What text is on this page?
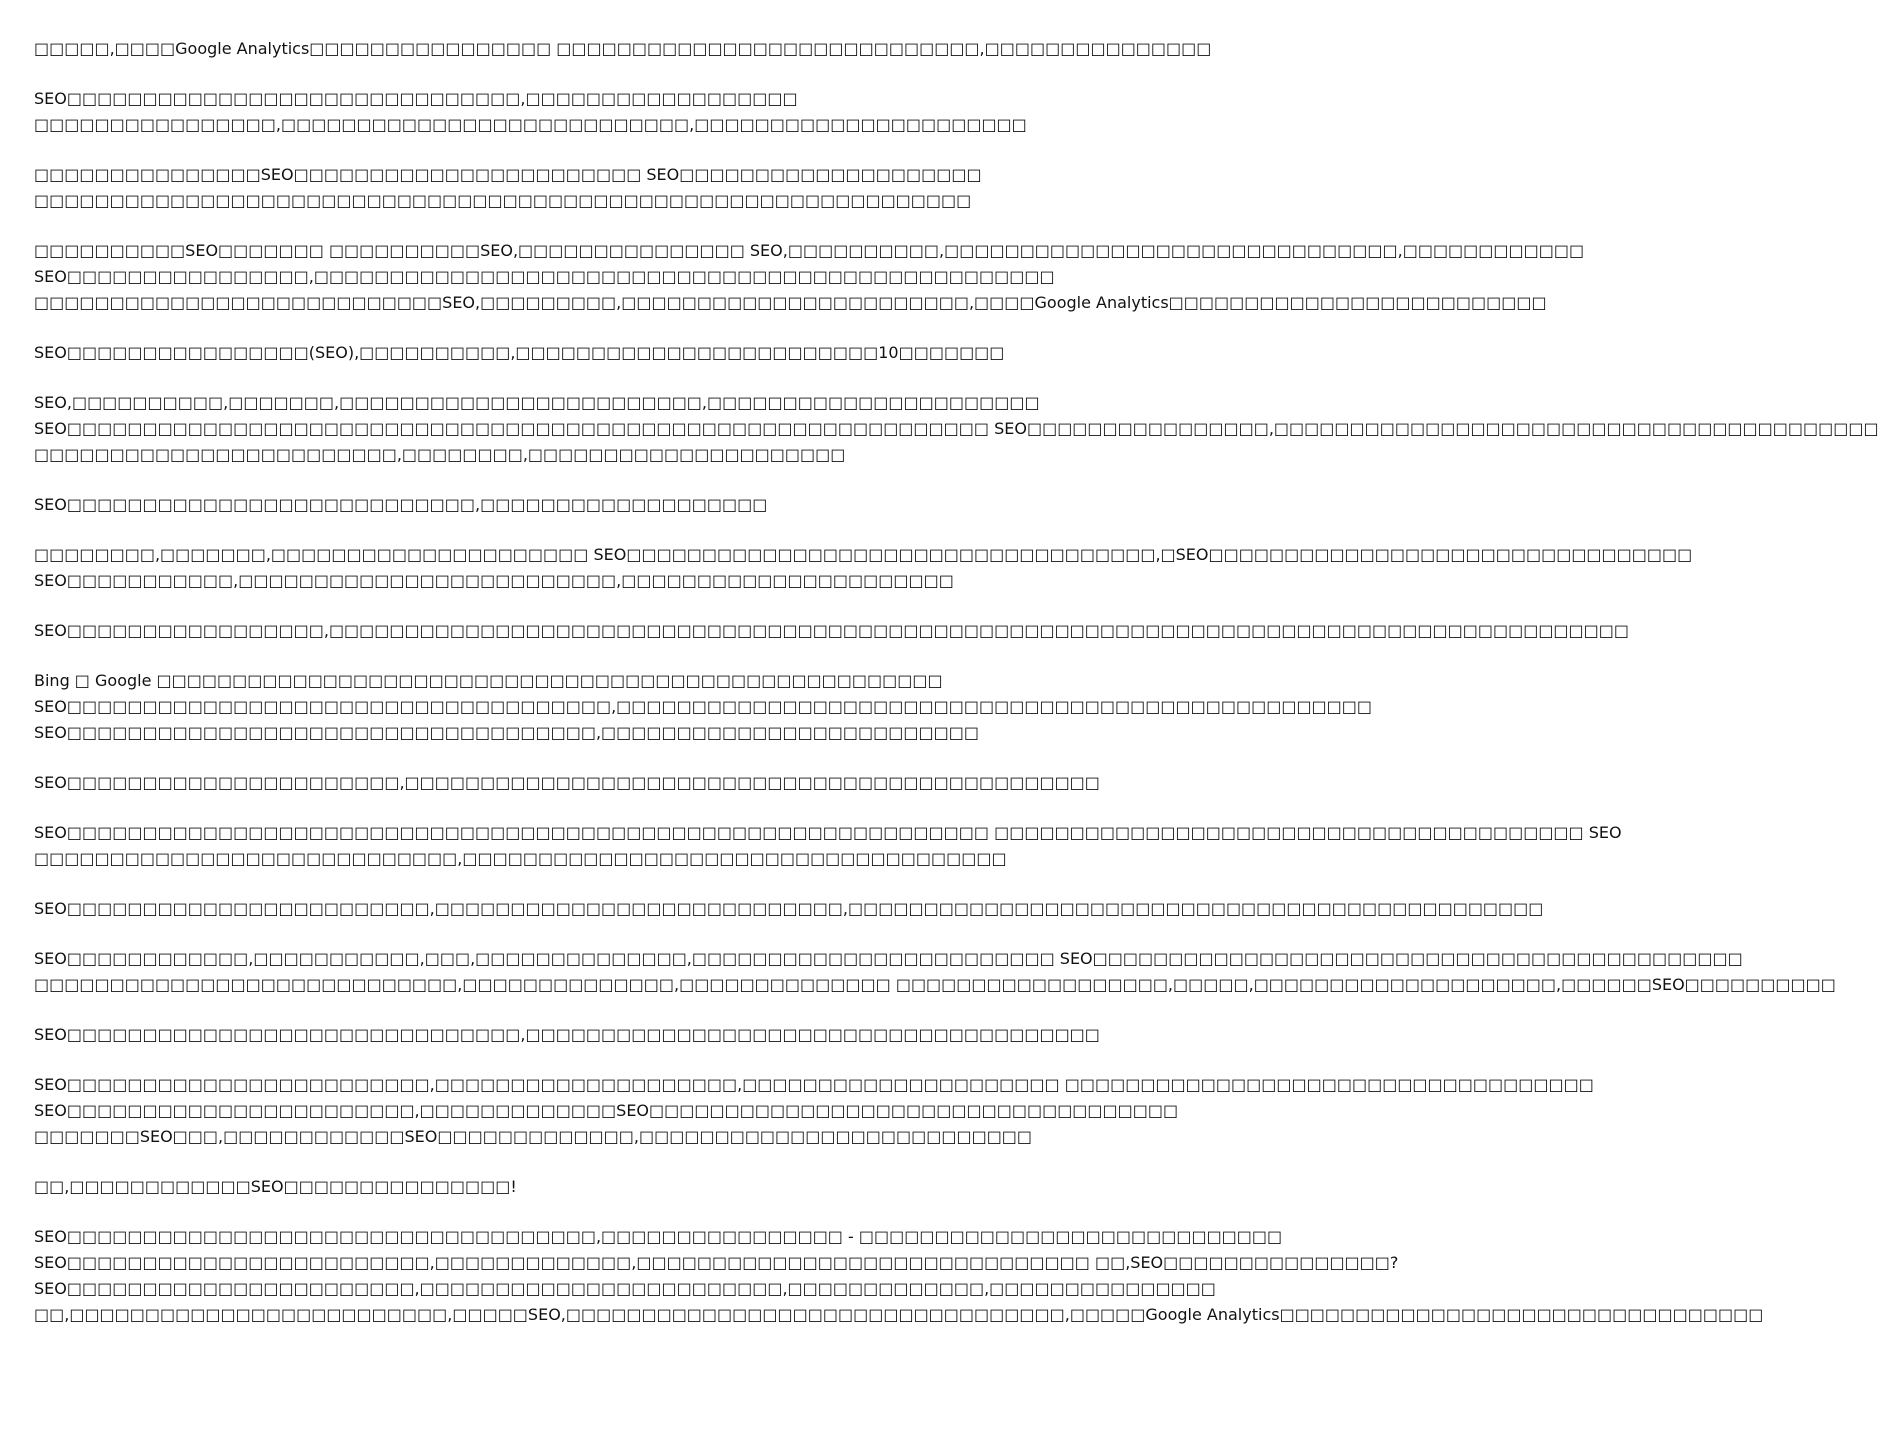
□□□□□,□□□□Google Analytics□□□□□□□□□□□□□□□□ □□□□□□□□□□□□□□□□□□□□□□□□□□□□,□□□□□□□□□□□□□□□

SEO□□□□□□□□□□□□□□□□□□□□□□□□□□□□□□,□□□□□□□□□□□□□□□□□□
□□□□□□□□□□□□□□□□,□□□□□□□□□□□□□□□□□□□□□□□□□□□,□□□□□□□□□□□□□□□□□□□□□□

□□□□□□□□□□□□□□□SEO□□□□□□□□□□□□□□□□□□□□□□□ SEO□□□□□□□□□□□□□□□□□□□□
□□□□□□□□□□□□□□□□□□□□□□□□□□□□□□□□□□□□□□□□□□□□□□□□□□□□□□□□□□□□□□

□□□□□□□□□□SEO□□□□□□□ □□□□□□□□□□SEO,□□□□□□□□□□□□□□□ SEO,□□□□□□□□□□,□□□□□□□□□□□□□□□□□□□□□□□□□□□□□□,□□□□□□□□□□□□
SEO□□□□□□□□□□□□□□□□,□□□□□□□□□□□□□□□□□□□□□□□□□□□□□□□□□□□□□□□□□□□□□□□□□
□□□□□□□□□□□□□□□□□□□□□□□□□□□SEO,□□□□□□□□□,□□□□□□□□□□□□□□□□□□□□□□□,□□□□Google Analytics□□□□□□□□□□□□□□□□□□□□□□□□□

SEO□□□□□□□□□□□□□□□□(SEO),□□□□□□□□□□,□□□□□□□□□□□□□□□□□□□□□□□□10□□□□□□□

SEO,□□□□□□□□□□,□□□□□□□,□□□□□□□□□□□□□□□□□□□□□□□□,□□□□□□□□□□□□□□□□□□□□□□
SEO□□□□□□□□□□□□□□□□□□□□□□□□□□□□□□□□□□□□□□□□□□□□□□□□□□□□□□□□□□□□□ SEO□□□□□□□□□□□□□□□□,□□□□□□□□□□□□□□□□□□□□□□□□□□□□□□□□□□□□□□□□
□□□□□□□□□□□□□□□□□□□□□□□□,□□□□□□□□,□□□□□□□□□□□□□□□□□□□□□

SEO□□□□□□□□□□□□□□□□□□□□□□□□□□□,□□□□□□□□□□□□□□□□□□□

□□□□□□□□,□□□□□□□,□□□□□□□□□□□□□□□□□□□□□ SEO□□□□□□□□□□□□□□□□□□□□□□□□□□□□□□□□□□□,□SEO□□□□□□□□□□□□□□□□□□□□□□□□□□□□□□□□
SEO□□□□□□□□□□□,□□□□□□□□□□□□□□□□□□□□□□□□□,□□□□□□□□□□□□□□□□□□□□□□

SEO□□□□□□□□□□□□□□□□□,□□□□□□□□□□□□□□□□□□□□□□□□□□□□□□□□□□□□□□□□□□□□□□□□□□□□□□□□□□□□□□□□□□□□□□□□□□□□□□□□□□□□□□

Bing □ Google □□□□□□□□□□□□□□□□□□□□□□□□□□□□□□□□□□□□□□□□□□□□□□□□□□□□
SEO□□□□□□□□□□□□□□□□□□□□□□□□□□□□□□□□□□□□,□□□□□□□□□□□□□□□□□□□□□□□□□□□□□□□□□□□□□□□□□□□□□□□□□□
SEO□□□□□□□□□□□□□□□□□□□□□□□□□□□□□□□□□□□,□□□□□□□□□□□□□□□□□□□□□□□□□

SEO□□□□□□□□□□□□□□□□□□□□□□,□□□□□□□□□□□□□□□□□□□□□□□□□□□□□□□□□□□□□□□□□□□□□□

SEO□□□□□□□□□□□□□□□□□□□□□□□□□□□□□□□□□□□□□□□□□□□□□□□□□□□□□□□□□□□□□ □□□□□□□□□□□□□□□□□□□□□□□□□□□□□□□□□□□□□□□ SEO
□□□□□□□□□□□□□□□□□□□□□□□□□□□□,□□□□□□□□□□□□□□□□□□□□□□□□□□□□□□□□□□□□

SEO□□□□□□□□□□□□□□□□□□□□□□□□,□□□□□□□□□□□□□□□□□□□□□□□□□□□,□□□□□□□□□□□□□□□□□□□□□□□□□□□□□□□□□□□□□□□□□□□□□□

SEO□□□□□□□□□□□□,□□□□□□□□□□□,□□□,□□□□□□□□□□□□□□,□□□□□□□□□□□□□□□□□□□□□□□□ SEO□□□□□□□□□□□□□□□□□□□□□□□□□□□□□□□□□□□□□□□□□□□
□□□□□□□□□□□□□□□□□□□□□□□□□□□□,□□□□□□□□□□□□□□,□□□□□□□□□□□□□□ □□□□□□□□□□□□□□□□□□,□□□□□,□□□□□□□□□□□□□□□□□□□□,□□□□□□SEO□□□□□□□□□□

SEO□□□□□□□□□□□□□□□□□□□□□□□□□□□□□□,□□□□□□□□□□□□□□□□□□□□□□□□□□□□□□□□□□□□□□

SEO□□□□□□□□□□□□□□□□□□□□□□□□,□□□□□□□□□□□□□□□□□□□□,□□□□□□□□□□□□□□□□□□□□□ □□□□□□□□□□□□□□□□□□□□□□□□□□□□□□□□□□□
SEO□□□□□□□□□□□□□□□□□□□□□□□,□□□□□□□□□□□□□SEO□□□□□□□□□□□□□□□□□□□□□□□□□□□□□□□□□□□
□□□□□□□SEO□□□,□□□□□□□□□□□□SEO□□□□□□□□□□□□□,□□□□□□□□□□□□□□□□□□□□□□□□□□

□□,□□□□□□□□□□□□SEO□□□□□□□□□□□□□□□!

SEO□□□□□□□□□□□□□□□□□□□□□□□□□□□□□□□□□□□,□□□□□□□□□□□□□□□□ - □□□□□□□□□□□□□□□□□□□□□□□□□□□□
SEO□□□□□□□□□□□□□□□□□□□□□□□□,□□□□□□□□□□□□□,□□□□□□□□□□□□□□□□□□□□□□□□□□□□□□ □□,SEO□□□□□□□□□□□□□□□?
SEO□□□□□□□□□□□□□□□□□□□□□□□,□□□□□□□□□□□□□□□□□□□□□□□□,□□□□□□□□□□□□□,□□□□□□□□□□□□□□□
□□,□□□□□□□□□□□□□□□□□□□□□□□□□,□□□□□SEO,□□□□□□□□□□□□□□□□□□□□□□□□□□□□□□□□□,□□□□□Google Analytics□□□□□□□□□□□□□□□□□□□□□□□□□□□□□□□□
